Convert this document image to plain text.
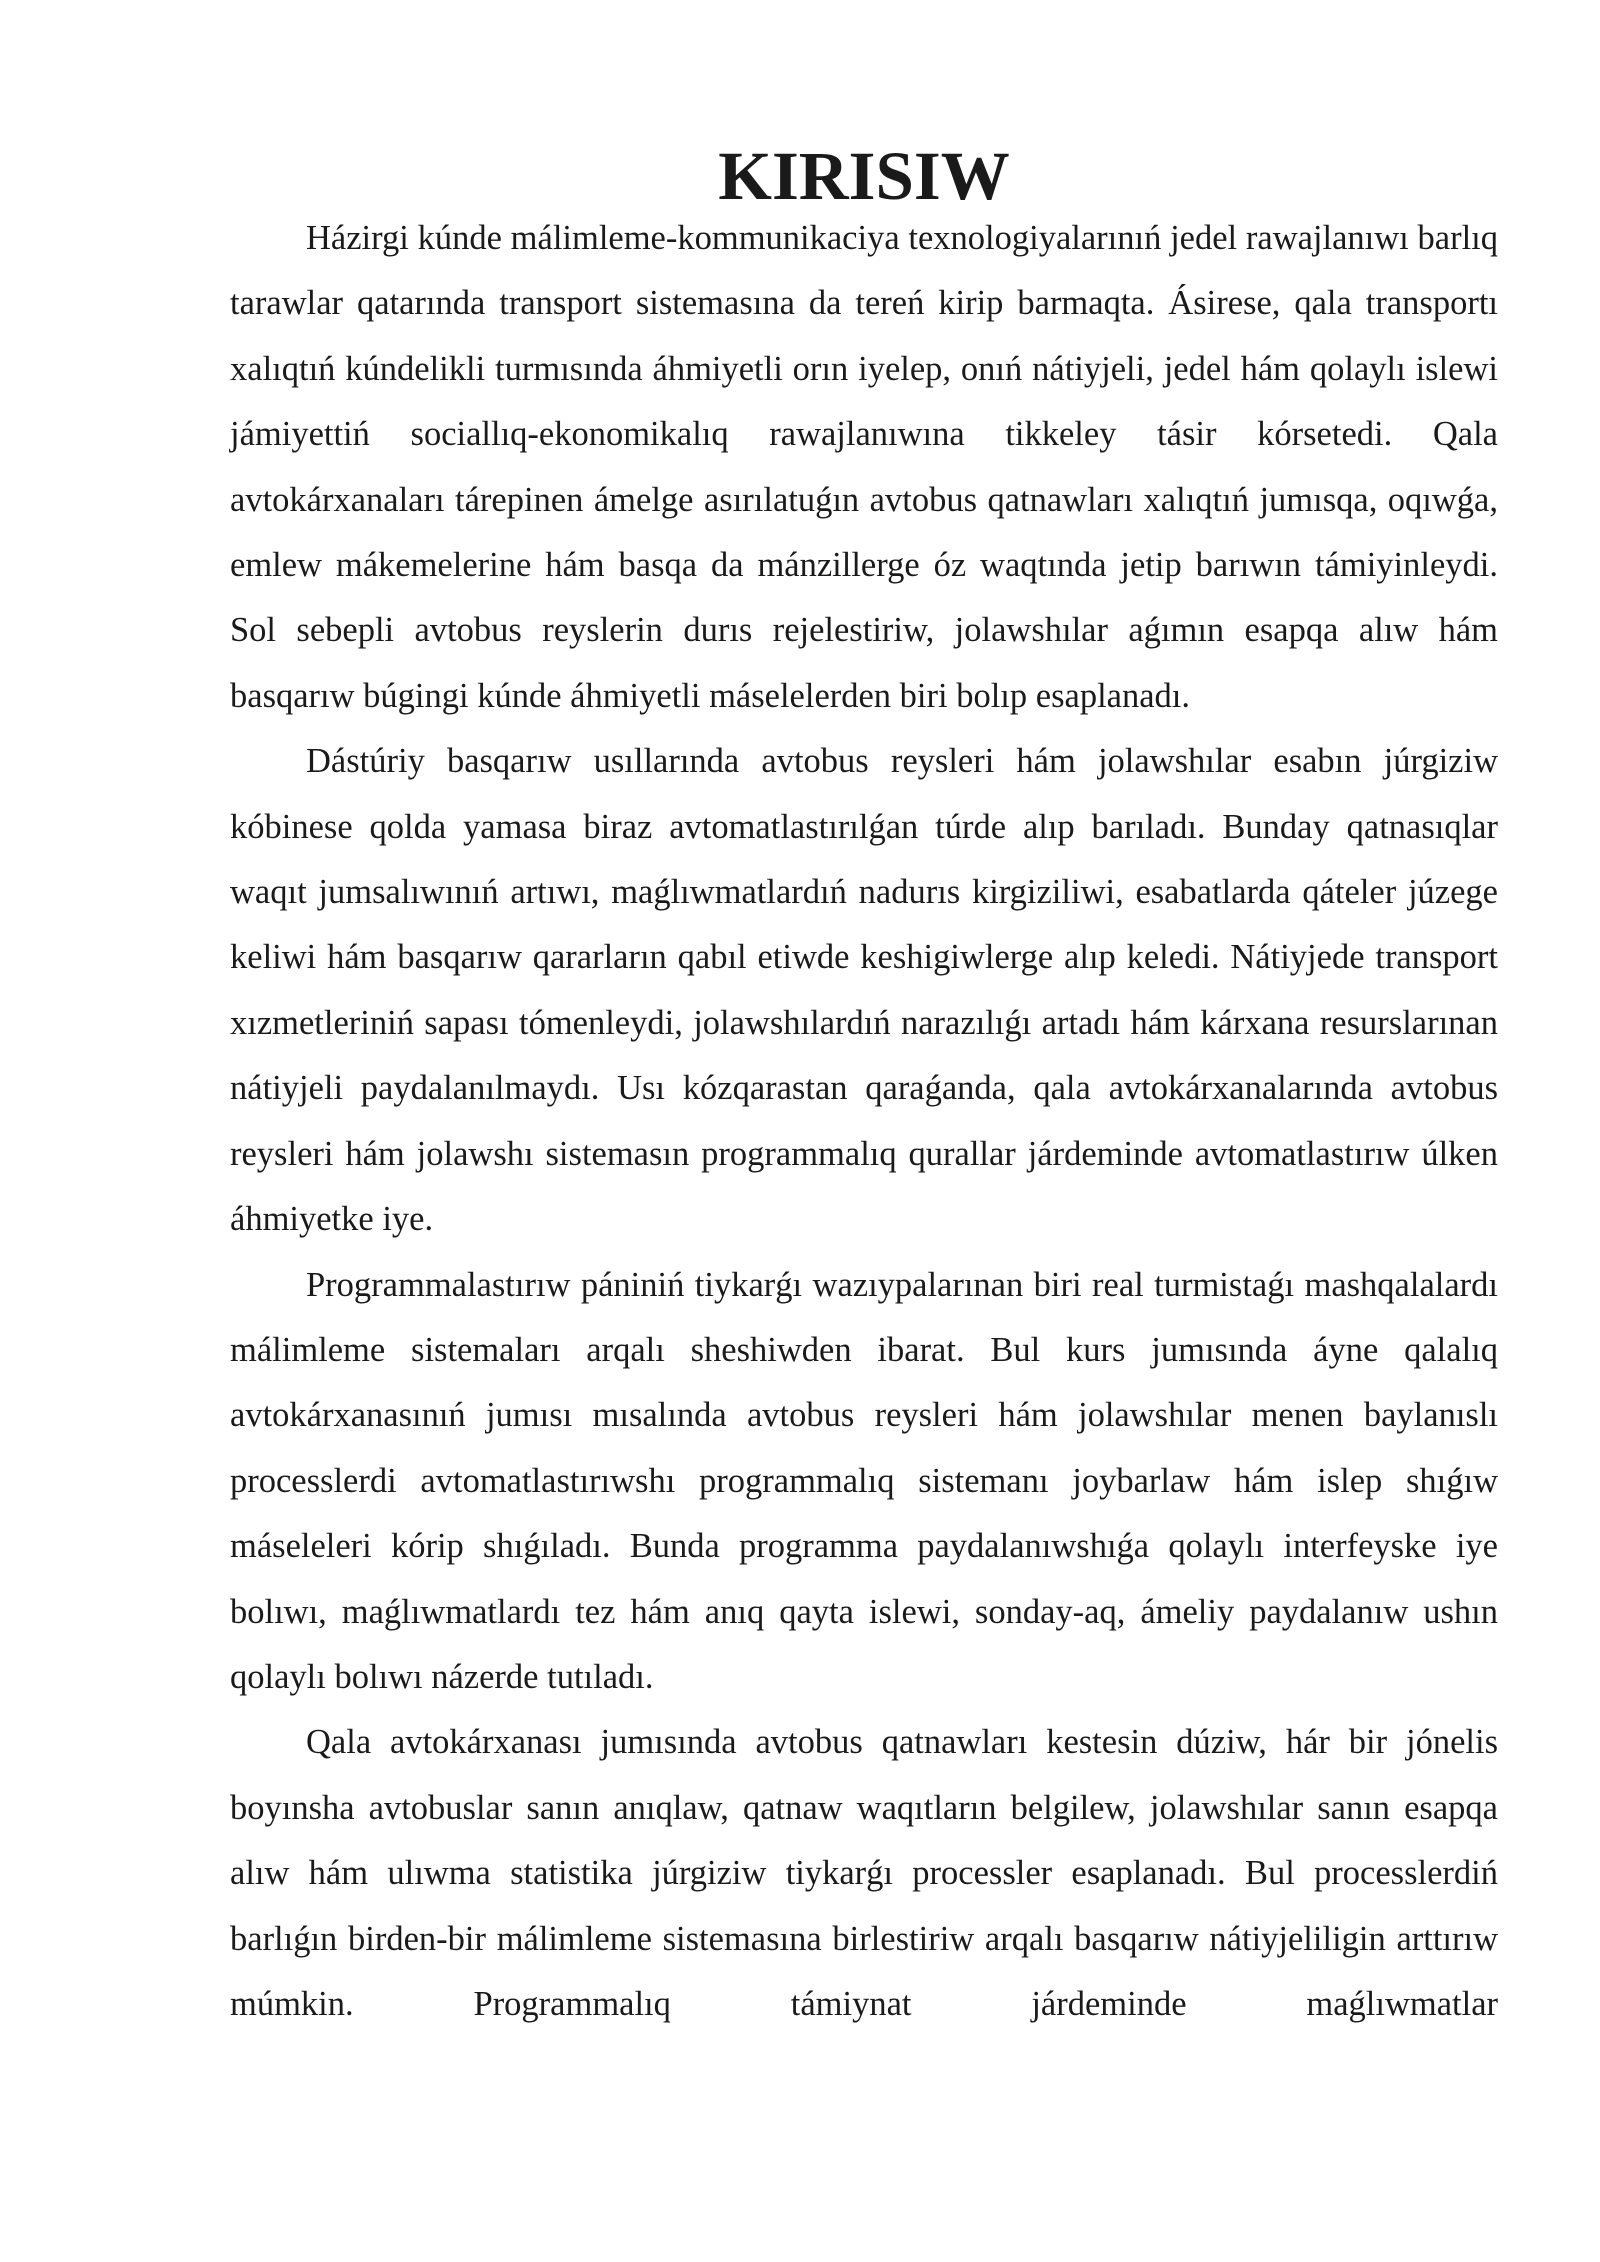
KIRISIW

Házirgi kúnde málimleme-kommunikaciya texnologiyalarınıń jedel rawajlanıwı barlıq tarawlar qatarında transport sistemasına da tereń kirip barmaqta. Ásirese, qala transportı xalıqtıń kúndelikli turmısında áhmiyetli orın iyelep, onıń nátiyjeli, jedel hám qolaylı islewi jámiyettiń sociallıq-ekonomikalıq rawajlanıwına tikkeley tásir kórsetedi. Qala avtokárxanaları tárepinen ámelge asırılatuǵın avtobus qatnawları xalıqtıń jumısqa, oqıwǵa, emlew mákemelerine hám basqa da mánzillerge óz waqtında jetip barıwın támiyinleydi. Sol sebepli avtobus reyslerin durıs rejelestiriw, jolawshılar aǵımın esapqa alıw hám basqarıw búgingi kúnde áhmiyetli máselelerden biri bolıp esaplanadı.

Dástúriy basqarıw usıllarında avtobus reysleri hám jolawshılar esabın júrgiziw kóbinese qolda yamasa biraz avtomatlastırılǵan túrde alıp barıladı. Bunday qatnasıqlar waqıt jumsalıwınıń artıwı, maǵlıwmatlardıń nadurıs kirgiziliwi, esabatlarda qáteler júzege keliwi hám basqarıw qararların qabıl etiwde keshigiwlerge alıp keledi. Nátiyjede transport xızmetleriniń sapası tómenleydi, jolawshılardıń narazılıǵı artadı hám kárxana resurslarınan nátiyjeli paydalanılmaydı. Usı kózqarastan qaraǵanda, qala avtokárxanalarında avtobus reysleri hám jolawshı sistemasın programmalıq qurallar járdeminde avtomatlastırıw úlken áhmiyetke iye.

Programmalastırıw pániniń tiykarǵı wazıypalarınan biri real turmistaǵı mashqalalardı málimleme sistemaları arqalı sheshiwden ibarat. Bul kurs jumısında áyne qalalıq avtokárxanasınıń jumısı mısalında avtobus reysleri hám jolawshılar menen baylanıslı processlerdi avtomatlastırıwshı programmalıq sistemanı joybarlaw hám islep shıǵıw máseleleri kórip shıǵıladı. Bunda programma paydalanıwshıǵa qolaylı interfeyske iye bolıwı, maǵlıwmatlardı tez hám anıq qayta islewi, sonday-aq, ámeliy paydalanıw ushın qolaylı bolıwı názerde tutıladı.

Qala avtokárxanası jumısında avtobus qatnawları kestesin dúziw, hár bir jónelis boyınsha avtobuslar sanın anıqlaw, qatnaw waqıtların belgilew, jolawshılar sanın esapqa alıw hám ulıwma statistika júrgiziw tiykarǵı processler esaplanadı. Bul processlerdiń barlıǵın birden-bir málimleme sistemasına birlestiriw arqalı basqarıw nátiyjeliligin arttırıw múmkin. Programmalıq támiynat járdeminde maǵlıwmatlar
